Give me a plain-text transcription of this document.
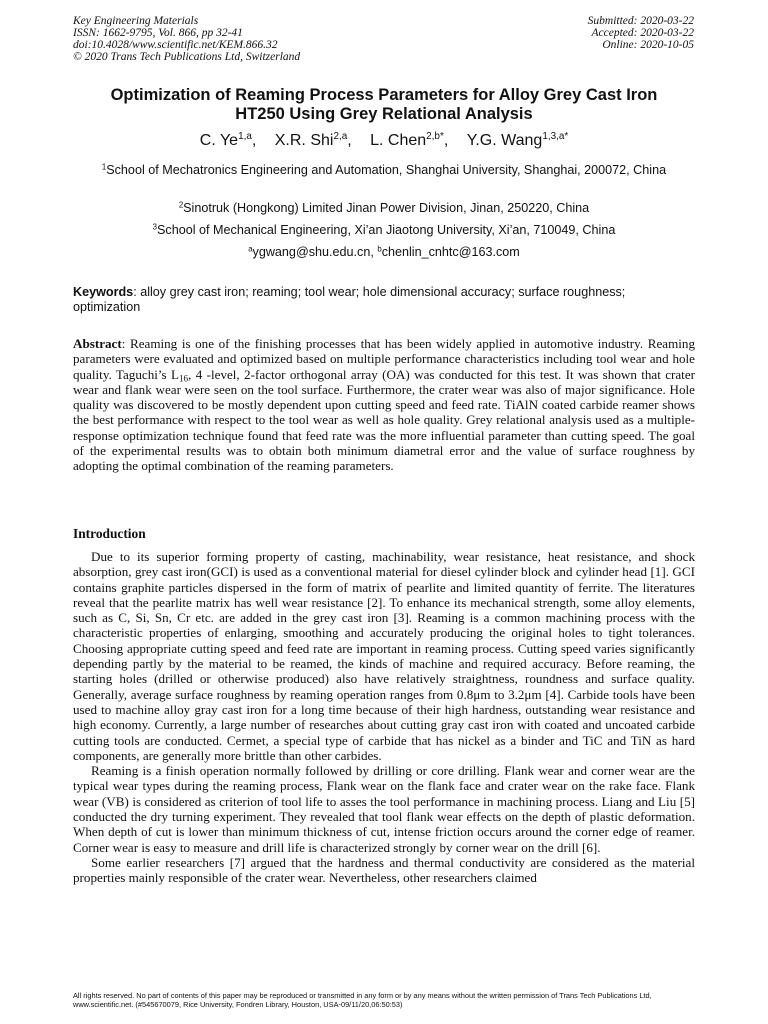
Key Engineering Materials
ISSN: 1662-9795, Vol. 866, pp 32-41
doi:10.4028/www.scientific.net/KEM.866.32
© 2020 Trans Tech Publications Ltd, Switzerland
Submitted: 2020-03-22
Accepted: 2020-03-22
Online: 2020-10-05
Optimization of Reaming Process Parameters for Alloy Grey Cast Iron
HT250 Using Grey Relational Analysis
C. Ye$^{1,a}$, X.R. Shi$^{2,a}$, L. Chen$^{2,b*}$, Y.G. Wang$^{1,3,a*}$
$^1$School of Mechatronics Engineering and Automation, Shanghai University, Shanghai, 200072, China
$^2$Sinotruk (Hongkong) Limited Jinan Power Division, Jinan, 250220, China
$^3$School of Mechanical Engineering, Xi’an Jiaotong University, Xi’an, 710049, China
$^a$ygwang@shu.edu.cn, $^b$chenlin_cnhtc@163.com
Keywords: alloy grey cast iron; reaming; tool wear; hole dimensional accuracy; surface roughness; optimization
Abstract: Reaming is one of the finishing processes that has been widely applied in automotive industry. Reaming parameters were evaluated and optimized based on multiple performance characteristics including tool wear and hole quality. Taguchi’s $L_{16}$, 4 -level, 2-factor orthogonal array (OA) was conducted for this test. It was shown that crater wear and flank wear were seen on the tool surface. Furthermore, the crater wear was also of major significance. Hole quality was discovered to be mostly dependent upon cutting speed and feed rate. TiAlN coated carbide reamer shows the best performance with respect to the tool wear as well as hole quality. Grey relational analysis used as a multiple-response optimization technique found that feed rate was the more influential parameter than cutting speed. The goal of the experimental results was to obtain both minimum diametral error and the value of surface roughness by adopting the optimal combination of the reaming parameters.
Introduction

Due to its superior forming property of casting, machinability, wear resistance, heat resistance, and shock absorption, grey cast iron(GCI) is used as a conventional material for diesel cylinder block and cylinder head [1]. GCI contains graphite particles dispersed in the form of matrix of pearlite and limited quantity of ferrite. The literatures reveal that the pearlite matrix has well wear resistance [2]. To enhance its mechanical strength, some alloy elements, such as C, Si, Sn, Cr etc. are added in the grey cast iron [3]. Reaming is a common machining process with the characteristic properties of enlarging, smoothing and accurately producing the original holes to tight tolerances. Choosing appropriate cutting speed and feed rate are important in reaming process. Cutting speed varies significantly depending partly by the material to be reamed, the kinds of machine and required accuracy. Before reaming, the starting holes (drilled or otherwise produced) also have relatively straightness, roundness and surface quality. Generally, average surface roughness by reaming operation ranges from 0.8μm to 3.2μm [4]. Carbide tools have been used to machine alloy gray cast iron for a long time because of their high hardness, outstanding wear resistance and high economy. Currently, a large number of researches about cutting gray cast iron with coated and uncoated carbide cutting tools are conducted. Cermet, a special type of carbide that has nickel as a binder and TiC and TiN as hard components, are generally more brittle than other carbides.

Reaming is a finish operation normally followed by drilling or core drilling. Flank wear and corner wear are the typical wear types during the reaming process, Flank wear on the flank face and crater wear on the rake face. Flank wear (VB) is considered as criterion of tool life to asses the tool performance in machining process. Liang and Liu [5] conducted the dry turning experiment. They revealed that tool flank wear effects on the depth of plastic deformation. When depth of cut is lower than minimum thickness of cut, intense friction occurs around the corner edge of reamer. Corner wear is easy to measure and drill life is characterized strongly by corner wear on the drill [6].

Some earlier researchers [7] argued that the hardness and thermal conductivity are considered as the material properties mainly responsible of the crater wear. Nevertheless, other researchers claimed

All rights reserved. No part of contents of this paper may be reproduced or transmitted in any form or by any means without the written permission of Trans Tech Publications Ltd, www.scientific.net. (#545670079, Rice University, Fondren Library, Houston, USA-09/11/20,06:50:53)
